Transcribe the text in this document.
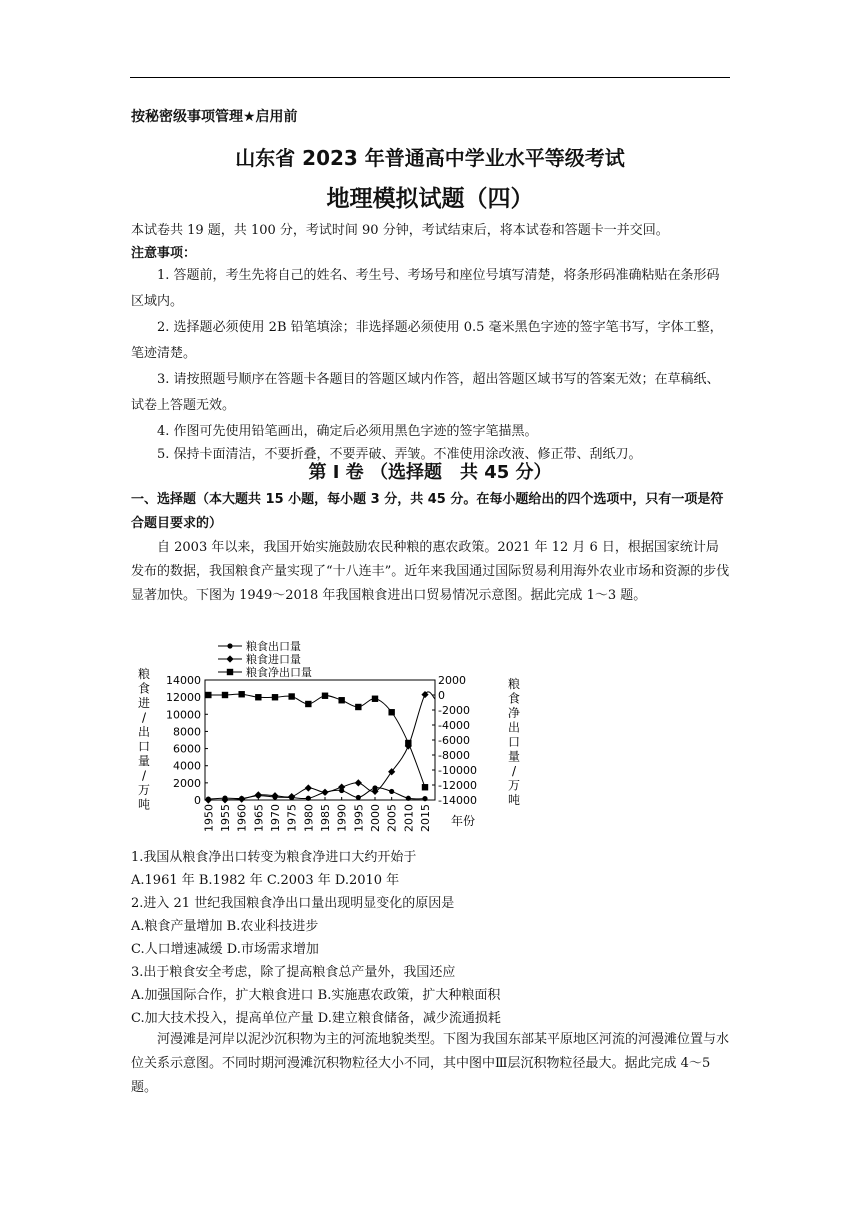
按秘密级事项管理★启用前
山东省 2023 年普通高中学业水平等级考试
地理模拟试题（四）
本试卷共 19 题，共 100 分，考试时间 90 分钟，考试结束后，将本试卷和答题卡一并交回。
注意事项：
1. 答题前，考生先将自己的姓名、考生号、考场号和座位号填写清楚，将条形码准确粘贴在条形码区域内。
2. 选择题必须使用 2B 铅笔填涂；非选择题必须使用 0.5 毫米黑色字迹的签字笔书写，字体工整，笔迹清楚。
3. 请按照题号顺序在答题卡各题目的答题区域内作答，超出答题区域书写的答案无效；在草稿纸、试卷上答题无效。
4. 作图可先使用铅笔画出，确定后必须用黑色字迹的签字笔描黑。
5. 保持卡面清洁，不要折叠，不要弄破、弄皱。不准使用涂改液、修正带、刮纸刀。
第 I 卷 （选择题　共 45 分）
一、选择题（本大题共 15 小题，每小题 3 分，共 45 分。在每小题给出的四个选项中，只有一项是符合题目要求的）
自 2003 年以来，我国开始实施鼓励农民种粮的惠农政策。2021 年 12 月 6 日，根据国家统计局发布的数据，我国粮食产量实现了“十八连丰”。近年来我国通过国际贸易利用海外农业市场和资源的步伐显著加快。下图为 1949～2018 年我国粮食进出口贸易情况示意图。据此完成 1～3 题。
粮食出口量
粮食进口量
粮食净出口量
14000
12000
10000
8000
6000
4000
2000
0
2000
0
-2000
-4000
-6000
-8000
-10000
-12000
-14000
1950 1955 1960 1965 1970 1975 1980 1985 1990 1995 2000 2005 2010 2015 年份
粮食进/出口量/万吨
粮食净出口量/万吨
1.我国从粮食净出口转变为粮食净进口大约开始于
A.1961 年 B.1982 年 C.2003 年 D.2010 年
2.进入 21 世纪我国粮食净出口量出现明显变化的原因是
A.粮食产量增加 B.农业科技进步
C.人口增速减缓 D.市场需求增加
3.出于粮食安全考虑，除了提高粮食总产量外，我国还应
A.加强国际合作，扩大粮食进口 B.实施惠农政策，扩大种粮面积
C.加大技术投入，提高单位产量 D.建立粮食储备，减少流通损耗
河漫滩是河岸以泥沙沉积物为主的河流地貌类型。下图为我国东部某平原地区河流的河漫滩位置与水位关系示意图。不同时期河漫滩沉积物粒径大小不同，其中图中Ⅲ层沉积物粒径最大。据此完成 4～5 题。
